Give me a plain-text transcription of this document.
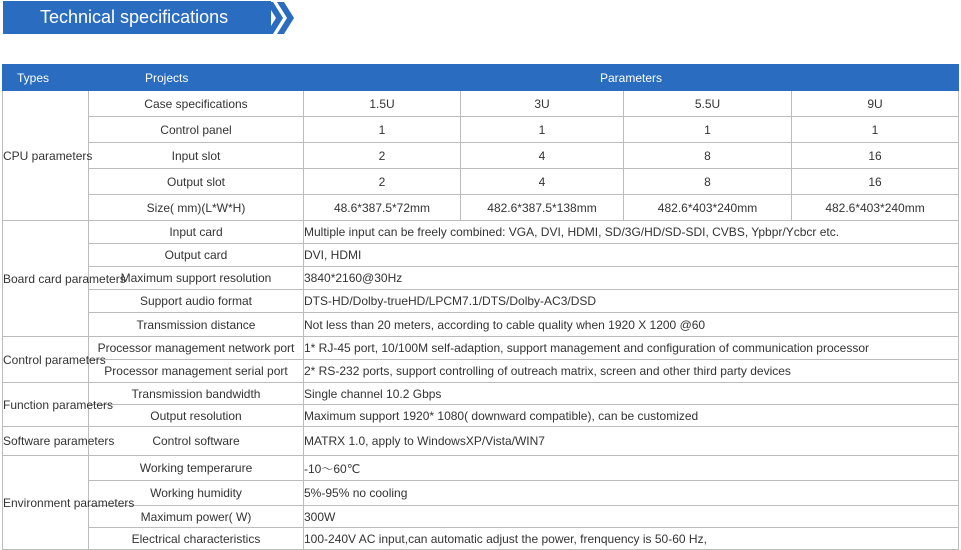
Technical specifications
Types	Projects	Parameters			
CPU parameters	Case specifications	1.5U	3U	5.5U	9U
	Control panel	1	1	1	1
	Input slot	2	4	8	16
	Output slot	2	4	8	16
	Size( mm)(L*W*H)	48.6*387.5*72mm	482.6*387.5*138mm	482.6*403*240mm	482.6*403*240mm
Board card parameters	Input card	Multiple input can be freely combined: VGA, DVI, HDMI, SD/3G/HD/SD-SDI, CVBS, Ypbpr/Ycbcr etc.			
	Output card	DVI, HDMI			
	Maximum support resolution	3840*2160@30Hz			
	Support audio format	DTS-HD/Dolby-trueHD/LPCM7.1/DTS/Dolby-AC3/DSD			
	Transmission distance	Not less than 20 meters, according to cable quality when 1920 X 1200 @60			
Control parameters	Processor management network port	1* RJ-45 port, 10/100M self-adaption, support management and configuration of communication processor			
	Processor management serial port	2* RS-232 ports, support controlling of outreach matrix, screen and other third party devices			
Function parameters	Transmission bandwidth	Single channel 10.2 Gbps			
	Output resolution	Maximum support 1920* 1080( downward compatible), can be customized			
Software parameters	Control software	MATRX 1.0, apply to WindowsXP/Vista/WIN7			
Environment parameters	Working temperarure	-10～60℃			
	Working humidity	5%-95% no cooling			
	Maximum power( W)	300W			
	Electrical characteristics	100-240V AC input,can automatic adjust the power, frenquency is 50-60 Hz,			
